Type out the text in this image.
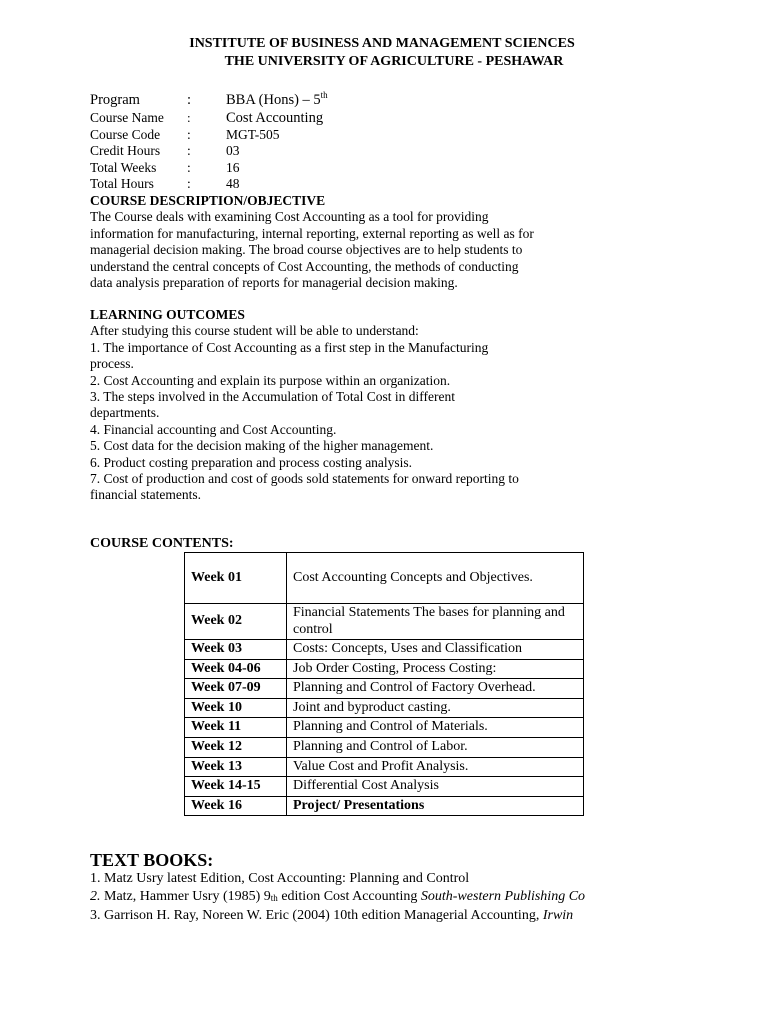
INSTITUTE OF BUSINESS AND MANAGEMENT SCIENCES
THE UNIVERSITY OF AGRICULTURE - PESHAWAR
Program	: BBA (Hons) – 5th
Course Name : Cost Accounting
Course Code :	MGT-505
Credit Hours :	03
Total Weeks :	16
Total Hours :	48
COURSE DESCRIPTION/OBJECTIVE
The Course deals with examining Cost Accounting as a tool for providing
information for manufacturing, internal reporting, external reporting as well as for
managerial decision making. The broad course objectives are to help students to
understand the central concepts of Cost Accounting, the methods of conducting
data analysis preparation of reports for managerial decision making.
LEARNING OUTCOMES
After studying this course student will be able to understand:
1. The importance of Cost Accounting as a first step in the Manufacturing
process.
2. Cost Accounting and explain its purpose within an organization.
3. The steps involved in the Accumulation of Total Cost in different
departments.
4. Financial accounting and Cost Accounting.
5. Cost data for the decision making of the higher management.
6. Product costing preparation and process costing analysis.
7. Cost of production and cost of goods sold statements for onward reporting to
financial statements.
COURSE CONTENTS:
Week 01	Cost Accounting Concepts and Objectives.
Week 02	Financial Statements The bases for planning and control
Week 03	Costs: Concepts, Uses and Classification
Week 04-06	Job Order Costing, Process Costing:
Week 07-09	Planning and Control of Factory Overhead.
Week 10	Joint and byproduct casting.
Week 11	Planning and Control of Materials.
Week 12	Planning and Control of Labor.
Week 13	Value Cost and Profit Analysis.
Week 14-15	Differential Cost Analysis
Week 16	Project/ Presentations
TEXT BOOKS:
1. Matz Usry latest Edition, Cost Accounting: Planning and Control
2. Matz, Hammer Usry (1985) 9th edition Cost Accounting South-western Publishing Co
3. Garrison H. Ray, Noreen W. Eric (2004) 10th edition Managerial Accounting, Irwin
